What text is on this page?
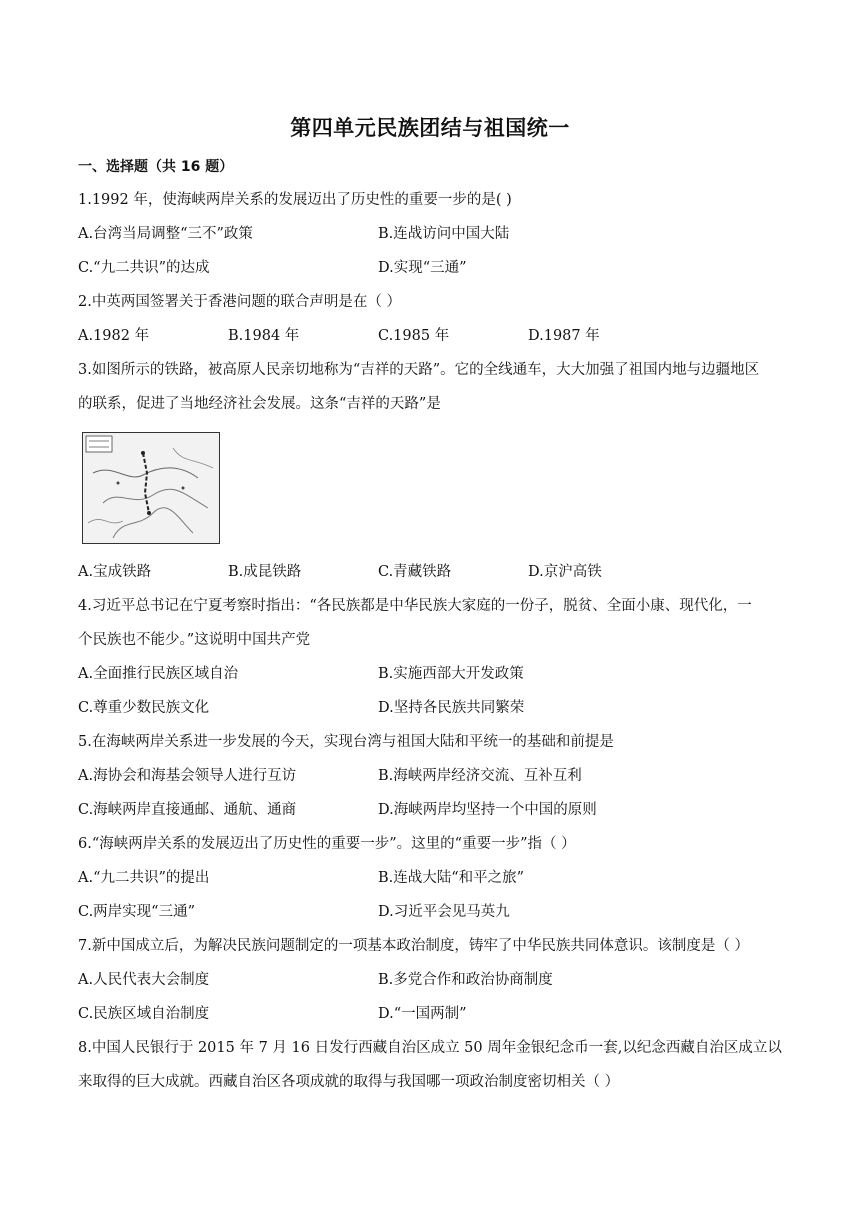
第四单元民族团结与祖国统一
一、选择题（共 16 题）
1.1992 年，使海峡两岸关系的发展迈出了历史性的重要一步的是( )
A.台湾当局调整“三不”政策	B.连战访问中国大陆
C.“九二共识”的达成	D.实现“三通”
2.中英两国签署关于香港问题的联合声明是在（ ）
A.1982 年	B.1984 年	C.1985 年	D.1987 年
3.如图所示的铁路，被高原人民亲切地称为“吉祥的天路”。它的全线通车，大大加强了祖国内地与边疆地区
的联系，促进了当地经济社会发展。这条“吉祥的天路”是
A.宝成铁路	B.成昆铁路	C.青藏铁路	D.京沪高铁
4.习近平总书记在宁夏考察时指出：“各民族都是中华民族大家庭的一份子，脱贫、全面小康、现代化，一
个民族也不能少。”这说明中国共产党
A.全面推行民族区域自治	B.实施西部大开发政策
C.尊重少数民族文化	D.坚持各民族共同繁荣
5.在海峡两岸关系进一步发展的今天，实现台湾与祖国大陆和平统一的基础和前提是
A.海协会和海基会领导人进行互访	B.海峡两岸经济交流、互补互利
C.海峡两岸直接通邮、通航、通商	D.海峡两岸均坚持一个中国的原则
6.“海峡两岸关系的发展迈出了历史性的重要一步”。这里的“重要一步”指（ ）
A.“九二共识”的提出	B.连战大陆“和平之旅”
C.两岸实现“三通”	D.习近平会见马英九
7.新中国成立后，为解决民族问题制定的一项基本政治制度，铸牢了中华民族共同体意识。该制度是（ ）
A.人民代表大会制度	B.多党合作和政治协商制度
C.民族区域自治制度	D.“一国两制”
8.中国人民银行于 2015 年 7 月 16 日发行西藏自治区成立 50 周年金银纪念币一套,以纪念西藏自治区成立以
来取得的巨大成就。西藏自治区各项成就的取得与我国哪一项政治制度密切相关（ ）
